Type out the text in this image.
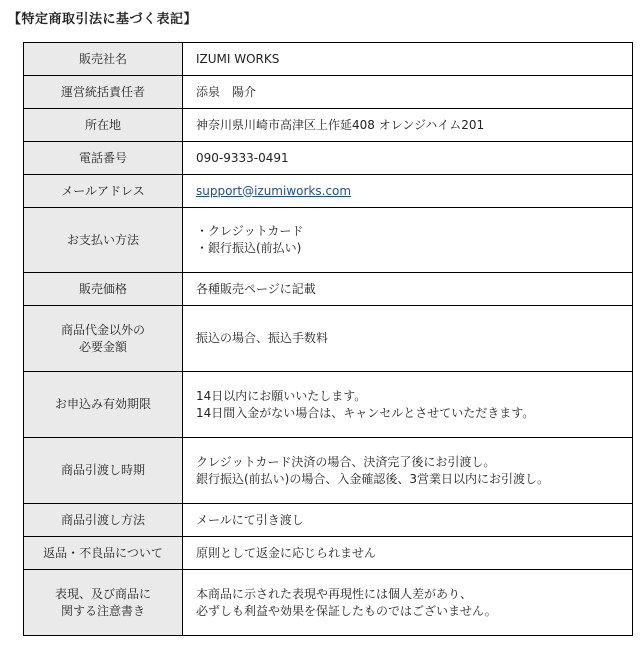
【特定商取引法に基づく表記】
販売社名	IZUMI WORKS

運営統括責任者	添泉　陽介

所在地	神奈川県川崎市高津区上作延408 オレンジハイム201

電話番号	090-9333-0491

メールアドレス	support@izumiworks.com

お支払い方法	・クレジットカード
・銀行振込(前払い)

販売価格	各種販売ページに記載

商品代金以外の
必要金額	振込の場合、振込手数料

お申込み有効期限	14日以内にお願いいたします。
14日間入金がない場合は、キャンセルとさせていただきます。

商品引渡し時期	クレジットカード決済の場合、決済完了後にお引渡し。
銀行振込(前払い)の場合、入金確認後、3営業日以内にお引渡し。

商品引渡し方法	メールにて引き渡し

返品・不良品について	原則として返金に応じられません

表現、及び商品に
関する注意書き	本商品に示された表現や再現性には個人差があり、
必ずしも利益や効果を保証したものではございません。
